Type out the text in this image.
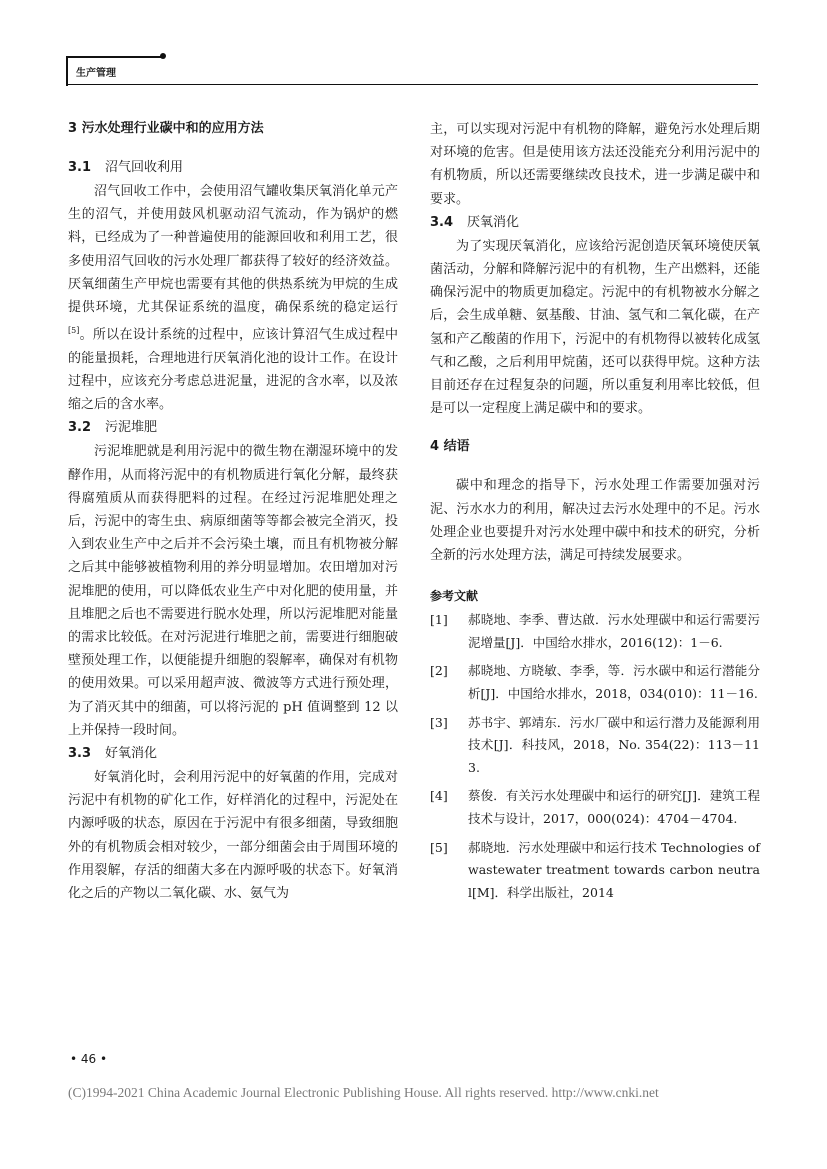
生产管理
3 污水处理行业碳中和的应用方法
3.1 沼气回收利用

沼气回收工作中，会使用沼气罐收集厌氧消化单元产生的沼气，并使用鼓风机驱动沼气流动，作为锅炉的燃料，已经成为了一种普遍使用的能源回收和利用工艺，很多使用沼气回收的污水处理厂都获得了较好的经济效益。厌氧细菌生产甲烷也需要有其他的供热系统为甲烷的生成提供环境，尤其保证系统的温度，确保系统的稳定运行[5]。所以在设计系统的过程中，应该计算沼气生成过程中的能量损耗，合理地进行厌氧消化池的设计工作。在设计过程中，应该充分考虑总进泥量，进泥的含水率，以及浓缩之后的含水率。

3.2 污泥堆肥

污泥堆肥就是利用污泥中的微生物在潮湿环境中的发酵作用，从而将污泥中的有机物质进行氧化分解，最终获得腐殖质从而获得肥料的过程。在经过污泥堆肥处理之后，污泥中的寄生虫、病原细菌等等都会被完全消灭，投入到农业生产中之后并不会污染土壤，而且有机物被分解之后其中能够被植物利用的养分明显增加。农田增加对污泥堆肥的使用，可以降低农业生产中对化肥的使用量，并且堆肥之后也不需要进行脱水处理，所以污泥堆肥对能量的需求比较低。在对污泥进行堆肥之前，需要进行细胞破壁预处理工作，以便能提升细胞的裂解率，确保对有机物的使用效果。可以采用超声波、微波等方式进行预处理，为了消灭其中的细菌，可以将污泥的 pH 值调整到 12 以上并保持一段时间。

3.3 好氧消化

好氧消化时，会利用污泥中的好氧菌的作用，完成对污泥中有机物的矿化工作，好样消化的过程中，污泥处在内源呼吸的状态，原因在于污泥中有很多细菌，导致细胞外的有机物质会相对较少，一部分细菌会由于周围环境的作用裂解，存活的细菌大多在内源呼吸的状态下。好氧消化之后的产物以二氧化碳、水、氨气为

主，可以实现对污泥中有机物的降解，避免污水处理后期对环境的危害。但是使用该方法还没能充分利用污泥中的有机物质，所以还需要继续改良技术，进一步满足碳中和要求。

3.4 厌氧消化

为了实现厌氧消化，应该给污泥创造厌氧环境使厌氧菌活动，分解和降解污泥中的有机物，生产出燃料，还能确保污泥中的物质更加稳定。污泥中的有机物被水分解之后，会生成单糖、氨基酸、甘油、氢气和二氧化碳，在产氢和产乙酸菌的作用下，污泥中的有机物得以被转化成氢气和乙酸，之后利用甲烷菌，还可以获得甲烷。这种方法目前还存在过程复杂的问题，所以重复利用率比较低，但是可以一定程度上满足碳中和的要求。

4 结语

碳中和理念的指导下，污水处理工作需要加强对污泥、污水水力的利用，解决过去污水处理中的不足。污水处理企业也要提升对污水处理中碳中和技术的研究，分析全新的污水处理方法，满足可持续发展要求。

参考文献
[1]	郝晓地、李季、曹达啟．污水处理碳中和运行需要污泥增量[J]．中国给水排水，2016(12)：1－6.
[2]	郝晓地、方晓敏、李季，等．污水碳中和运行潜能分析[J]．中国给水排水，2018，034(010)：11－16.
[3]	苏书宇、郭靖东．污水厂碳中和运行潜力及能源利用技术[J]．科技风，2018，No. 354(22)：113－113.
[4]	蔡俊．有关污水处理碳中和运行的研究[J]．建筑工程技术与设计，2017，000(024)：4704－4704.
[5]	郝晓地．污水处理碳中和运行技术 Technologies of wastewater treatment towards carbon neutral[M]．科学出版社，2014
• 46 •
(C)1994-2021 China Academic Journal Electronic Publishing House. All rights reserved. http://www.cnki.net
